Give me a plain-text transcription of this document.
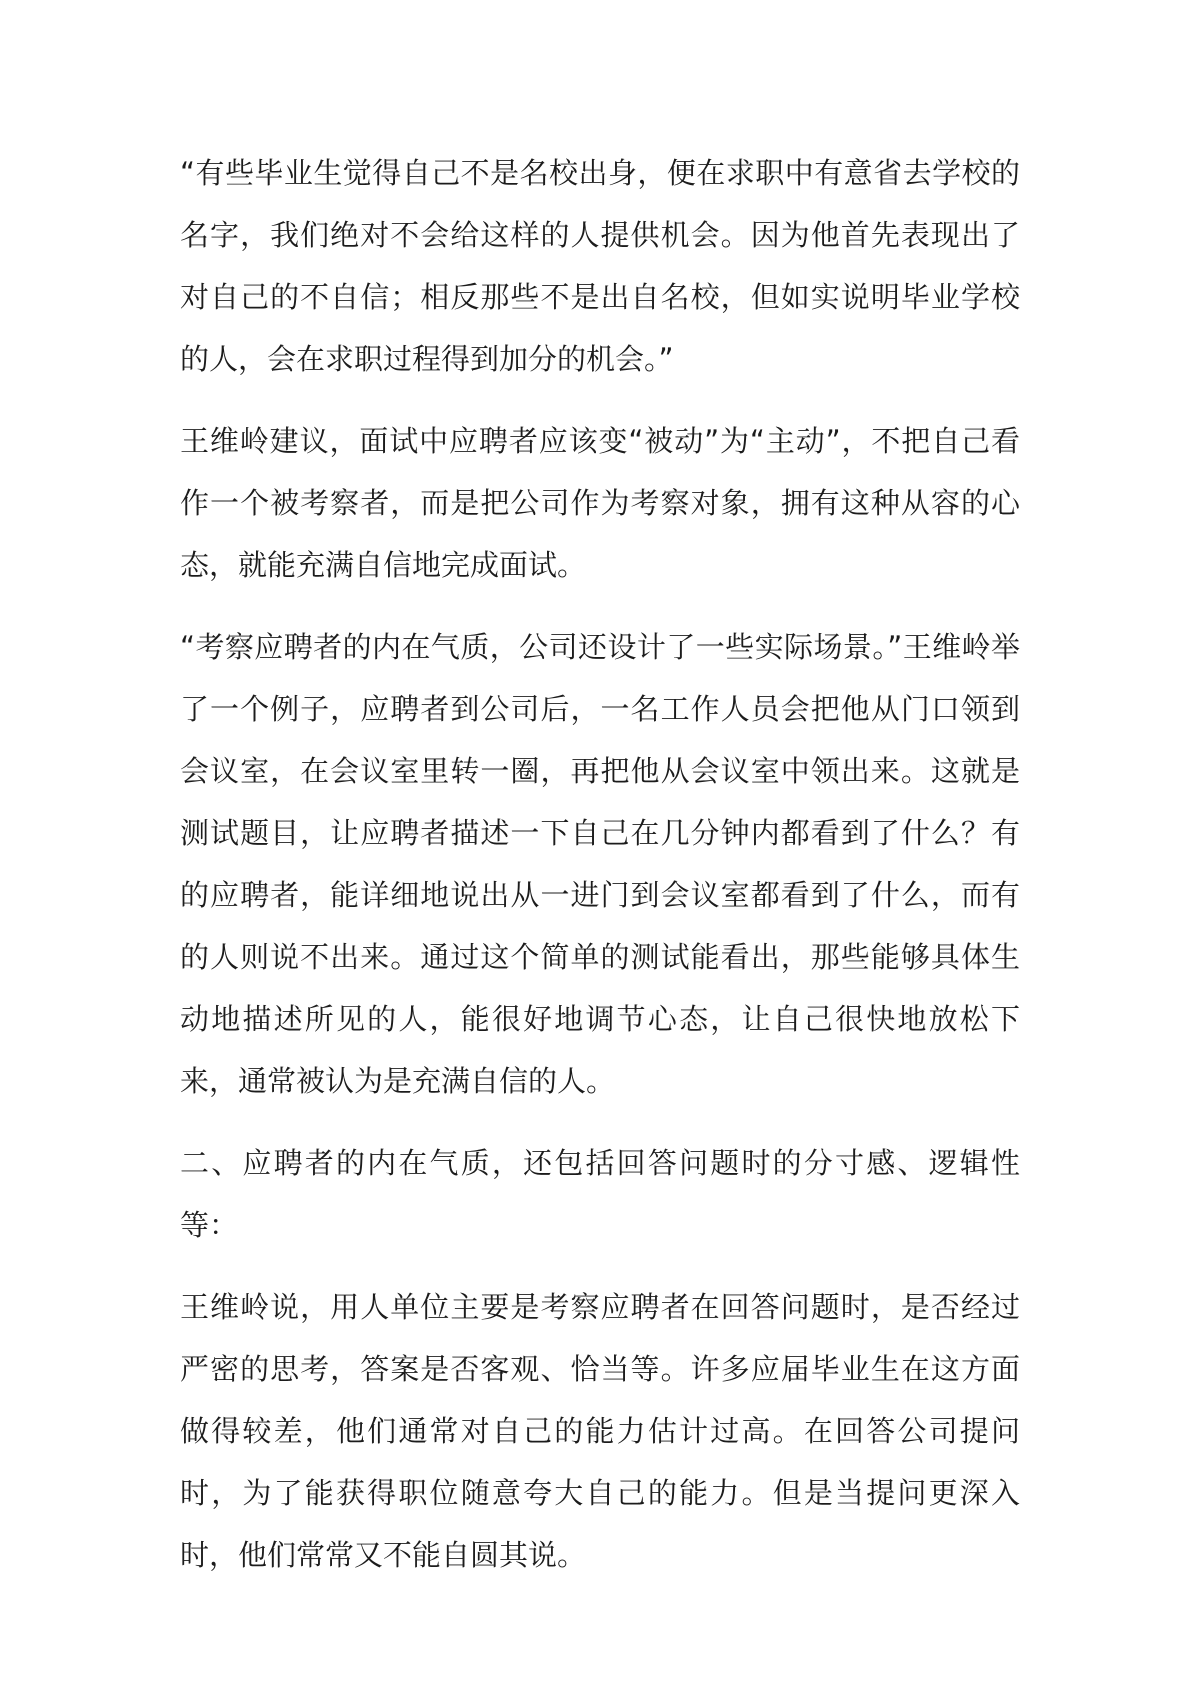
“有些毕业生觉得自己不是名校出身，便在求职中有意省去学校的名字，我们绝对不会给这样的人提供机会。因为他首先表现出了对自己的不自信；相反那些不是出自名校，但如实说明毕业学校的人，会在求职过程得到加分的机会。”

王维岭建议，面试中应聘者应该变“被动”为“主动”，不把自己看作一个被考察者，而是把公司作为考察对象，拥有这种从容的心态，就能充满自信地完成面试。

“考察应聘者的内在气质，公司还设计了一些实际场景。”王维岭举了一个例子，应聘者到公司后，一名工作人员会把他从门口领到会议室，在会议室里转一圈，再把他从会议室中领出来。这就是测试题目，让应聘者描述一下自己在几分钟内都看到了什么？有的应聘者，能详细地说出从一进门到会议室都看到了什么，而有的人则说不出来。通过这个简单的测试能看出，那些能够具体生动地描述所见的人，能很好地调节心态，让自己很快地放松下来，通常被认为是充满自信的人。

二、应聘者的内在气质，还包括回答问题时的分寸感、逻辑性等：

王维岭说，用人单位主要是考察应聘者在回答问题时，是否经过严密的思考，答案是否客观、恰当等。许多应届毕业生在这方面做得较差，他们通常对自己的能力估计过高。在回答公司提问时，为了能获得职位随意夸大自己的能力。但是当提问更深入时，他们常常又不能自圆其说。
